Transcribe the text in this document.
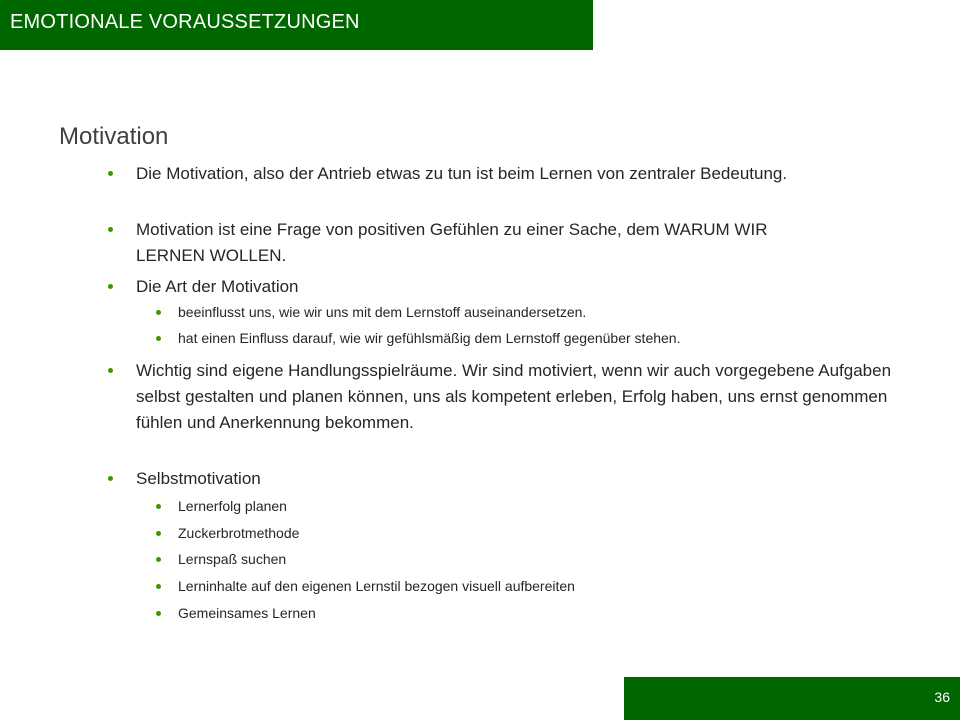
EMOTIONALE VORAUSSETZUNGEN
Motivation
Die Motivation, also der Antrieb etwas zu tun ist beim Lernen von zentraler Bedeutung.
Motivation ist eine Frage von positiven Gefühlen zu einer Sache, dem WARUM WIR LERNEN WOLLEN.
Die Art der Motivation
beeinflusst uns, wie wir uns mit dem Lernstoff auseinandersetzen.
hat einen Einfluss darauf, wie wir gefühlsmäßig dem Lernstoff gegenüber stehen.
Wichtig sind eigene Handlungsspielräume. Wir sind motiviert, wenn wir auch vorgegebene Aufgaben selbst gestalten und planen können, uns als kompetent erleben, Erfolg haben, uns ernst genommen fühlen und Anerkennung bekommen.
Selbstmotivation
Lernerfolg planen
Zuckerbrotmethode
Lernspaß suchen
Lerninhalte auf den eigenen Lernstil bezogen visuell aufbereiten
Gemeinsames Lernen
36
